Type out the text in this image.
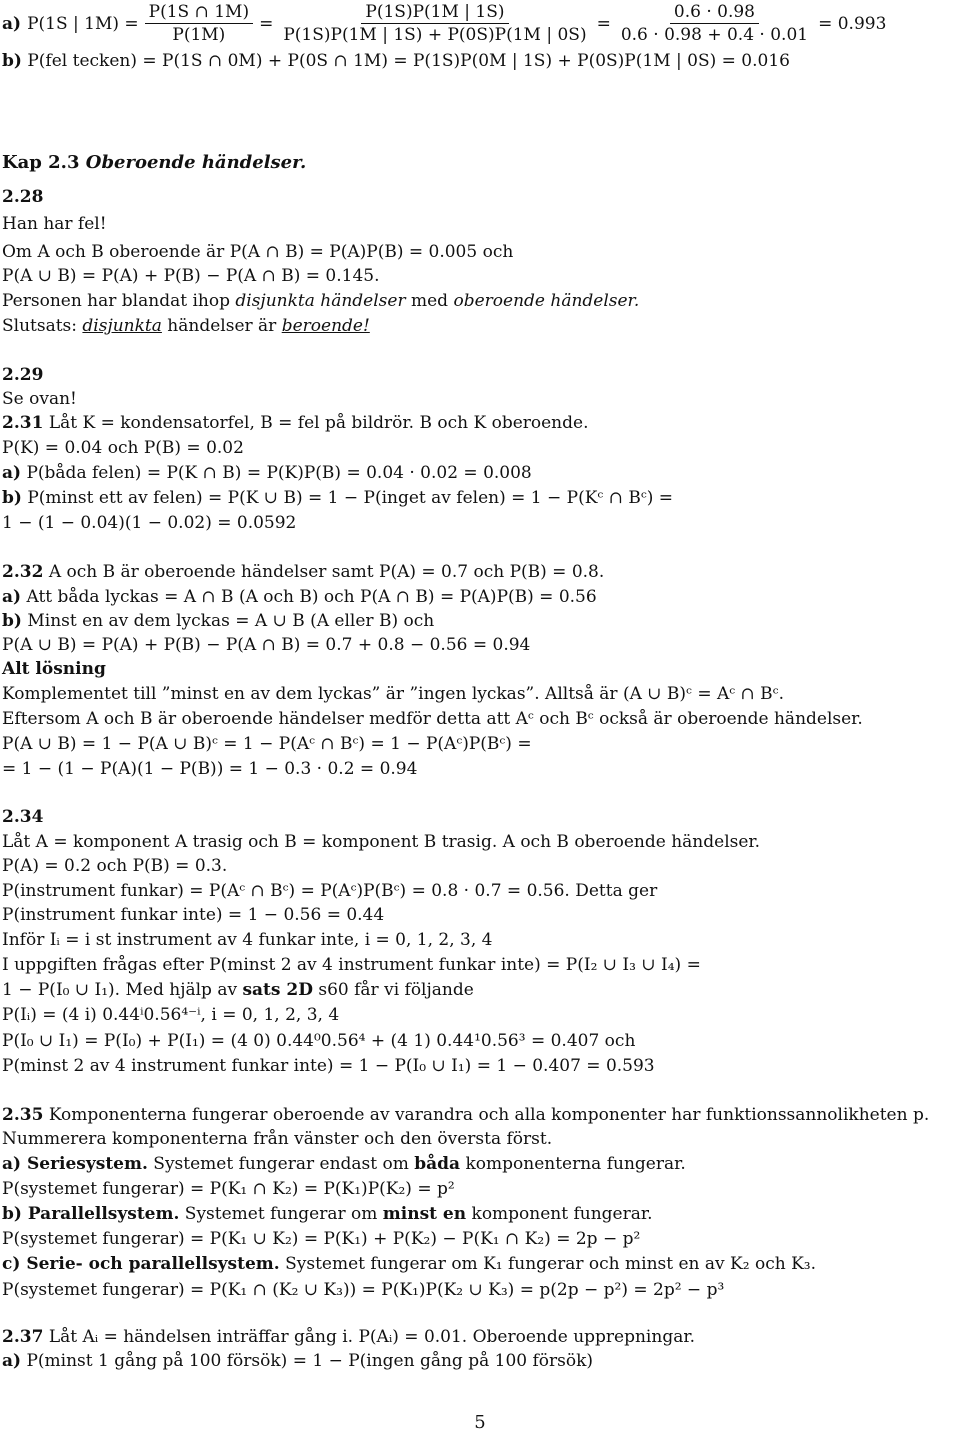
a) P(1S | $1M) = \frac{P(1S \cap 1M)}{P(1M)} = \frac{P(1S)P(1M | 1S)}{P(1S)P(1M | 1S) + P(0S)P(1M | 0S)} = \frac{0.6 \cdot 0.98}{0.6 \cdot 0.98 + 0.4 \cdot 0.01} = 0.993$
b) P(fel tecken) = P(1S ∩ 0M) + P(0S ∩ 1M) = P(1S)P(0M | 1S) + P(0S)P(1M | 0S) = 0.016
Kap 2.3 Oberoende händelser.
2.28
Han har fel!
Om A och B oberoende är P(A ∩ B) = P(A)P(B) = 0.005 och
P(A ∪ B) = P(A) + P(B) − P(A ∩ B) = 0.145.
Personen har blandat ihop disjunkta händelser med oberoende händelser.
Slutsats: disjunkta händelser är beroende!
2.29
Se ovan!
2.31 Låt K = kondensatorfel, B = fel på bildrör. B och K oberoende.
P(K) = 0.04 och P(B) = 0.02
a) P(båda felen) = P(K ∩ B) = P(K)P(B) = 0.04 · 0.02 = 0.008
b) P(minst ett av felen) = P(K ∪ B) = 1 − P(inget av felen) = 1 − P(Kᶜ ∩ Bᶜ) =
1 − (1 − 0.04)(1 − 0.02) = 0.0592
2.32 A och B är oberoende händelser samt P(A) = 0.7 och P(B) = 0.8.
a) Att båda lyckas = A ∩ B (A och B) och P(A ∩ B) = P(A)P(B) = 0.56
b) Minst en av dem lyckas = A ∪ B (A eller B) och
P(A ∪ B) = P(A) + P(B) − P(A ∩ B) = 0.7 + 0.8 − 0.56 = 0.94
Alt lösning
Komplementet till ”minst en av dem lyckas” är ”ingen lyckas”. Alltså är (A ∪ B)ᶜ = Aᶜ ∩ Bᶜ.
Eftersom A och B är oberoende händelser medför detta att Aᶜ och Bᶜ också är oberoende händelser.
P(A ∪ B) = 1 − P(A ∪ B)ᶜ = 1 − P(Aᶜ ∩ Bᶜ) = 1 − P(Aᶜ)P(Bᶜ) =
= 1 − (1 − P(A)(1 − P(B)) = 1 − 0.3 · 0.2 = 0.94
2.34
Låt A = komponent A trasig och B = komponent B trasig. A och B oberoende händelser.
P(A) = 0.2 och P(B) = 0.3.
P(instrument funkar) = P(Aᶜ ∩ Bᶜ) = P(Aᶜ)P(Bᶜ) = 0.8 · 0.7 = 0.56. Detta ger
P(instrument funkar inte) = 1 − 0.56 = 0.44
Inför Iᵢ = i st instrument av 4 funkar inte, i = 0, 1, 2, 3, 4
I uppgiften frågas efter P(minst 2 av 4 instrument funkar inte) = P(I₂ ∪ I₃ ∪ I₄) =
1 − P(I₀ ∪ I₁). Med hjälp av sats 2D s60 får vi följande
P(Iᵢ) = (4 i) 0.44ⁱ0.56⁴⁻ⁱ, i = 0, 1, 2, 3, 4
P(I₀ ∪ I₁) = P(I₀) + P(I₁) = (4 0) 0.44⁰0.56⁴ + (4 1) 0.44¹0.56³ = 0.407 och
P(minst 2 av 4 instrument funkar inte) = 1 − P(I₀ ∪ I₁) = 1 − 0.407 = 0.593
2.35 Komponenterna fungerar oberoende av varandra och alla komponenter har funktionssannolikheten p.
Nummerera komponenterna från vänster och den översta först.
a) Seriesystem. Systemet fungerar endast om båda komponenterna fungerar.
P(systemet fungerar) = P(K₁ ∩ K₂) = P(K₁)P(K₂) = p²
b) Parallellsystem. Systemet fungerar om minst en komponent fungerar.
P(systemet fungerar) = P(K₁ ∪ K₂) = P(K₁) + P(K₂) − P(K₁ ∩ K₂) = 2p − p²
c) Serie- och parallellsystem. Systemet fungerar om K₁ fungerar och minst en av K₂ och K₃.
P(systemet fungerar) = P(K₁ ∩ (K₂ ∪ K₃)) = P(K₁)P(K₂ ∪ K₃) = p(2p − p²) = 2p² − p³
2.37 Låt Aᵢ = händelsen inträffar gång i. P(Aᵢ) = 0.01. Oberoende upprepningar.
a) P(minst 1 gång på 100 försök) = 1 − P(ingen gång på 100 försök)
5
